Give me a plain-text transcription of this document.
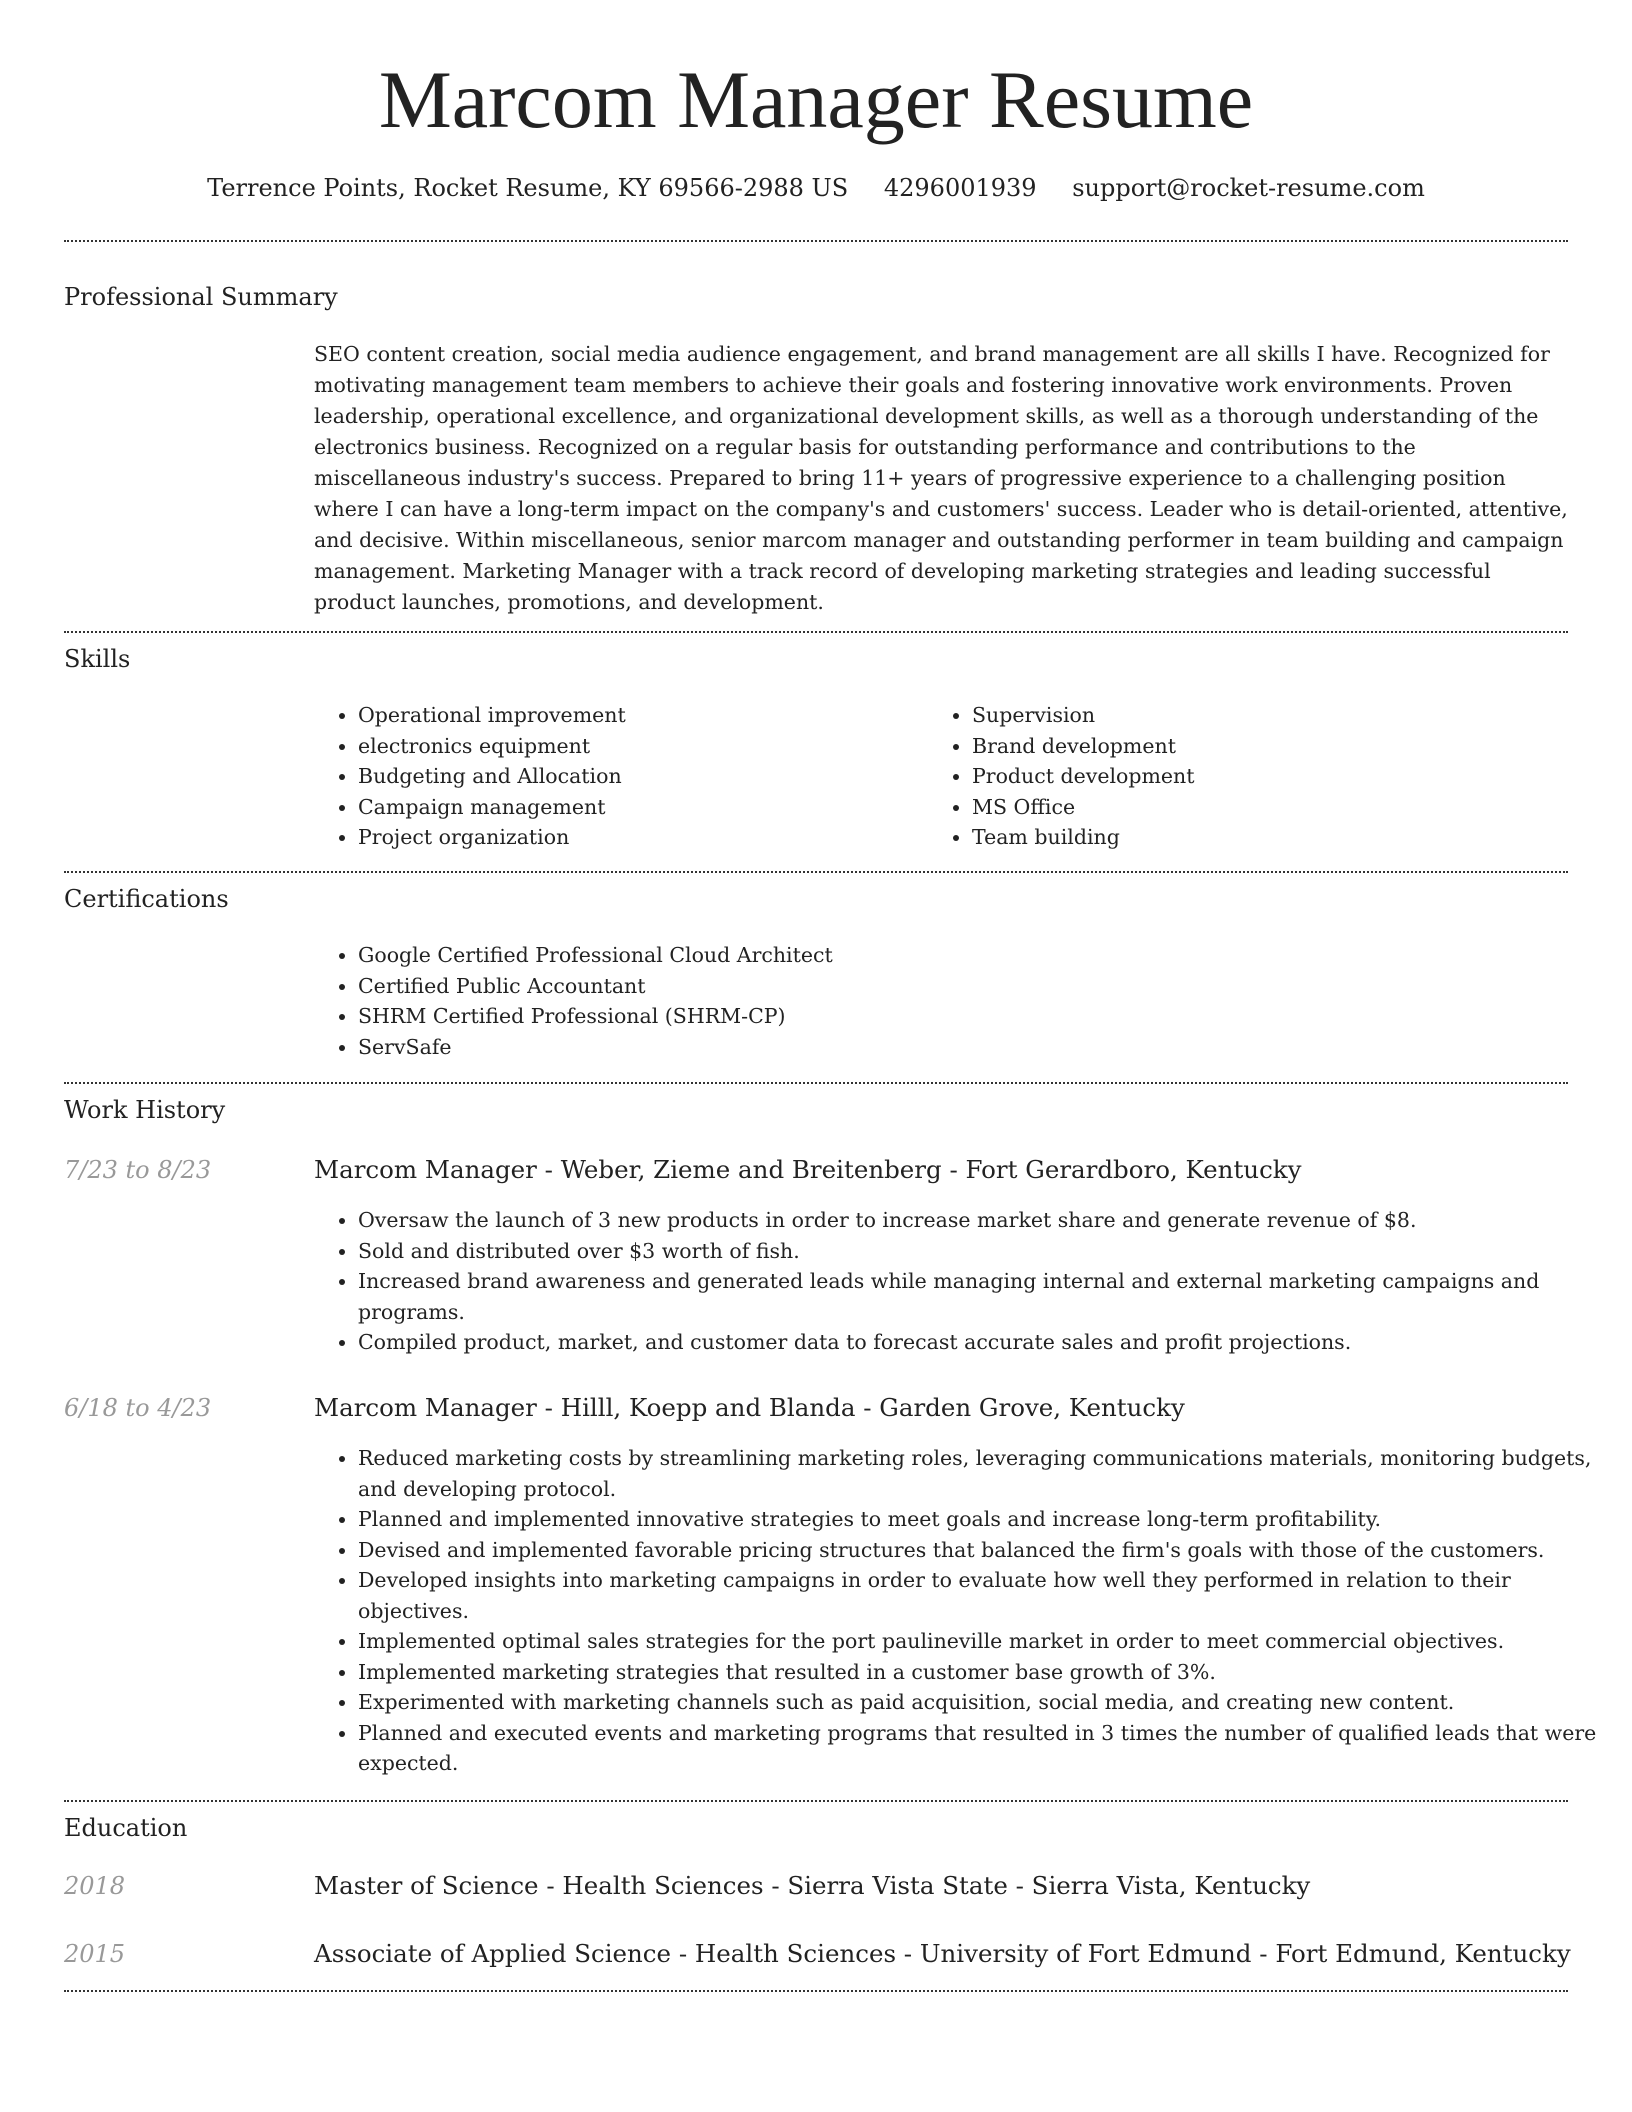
Marcom Manager Resume
Terrence Points, Rocket Resume, KY 69566-2988 US 4296001939 support@rocket-resume.com
Professional Summary

SEO content creation, social media audience engagement, and brand management are all skills I have. Recognized for motivating management team members to achieve their goals and fostering innovative work environments. Proven leadership, operational excellence, and organizational development skills, as well as a thorough understanding of the electronics business. Recognized on a regular basis for outstanding performance and contributions to the miscellaneous industry's success. Prepared to bring 11+ years of progressive experience to a challenging position where I can have a long-term impact on the company's and customers' success. Leader who is detail-oriented, attentive, and decisive. Within miscellaneous, senior marcom manager and outstanding performer in team building and campaign management. Marketing Manager with a track record of developing marketing strategies and leading successful product launches, promotions, and development.

Skills
• Operational improvement
• electronics equipment
• Budgeting and Allocation
• Campaign management
• Project organization
• Supervision
• Brand development
• Product development
• MS Office
• Team building
Certifications
• Google Certified Professional Cloud Architect
• Certified Public Accountant
• SHRM Certified Professional (SHRM-CP)
• ServSafe
Work History
7/23 to 8/23	Marcom Manager - Weber, Zieme and Breitenberg - Fort Gerardboro, Kentucky
• Oversaw the launch of 3 new products in order to increase market share and generate revenue of $8.
• Sold and distributed over $3 worth of fish.
• Increased brand awareness and generated leads while managing internal and external marketing campaigns and programs.
• Compiled product, market, and customer data to forecast accurate sales and profit projections.
6/18 to 4/23	Marcom Manager - Hilll, Koepp and Blanda - Garden Grove, Kentucky
• Reduced marketing costs by streamlining marketing roles, leveraging communications materials, monitoring budgets, and developing protocol.
• Planned and implemented innovative strategies to meet goals and increase long-term profitability.
• Devised and implemented favorable pricing structures that balanced the firm's goals with those of the customers.
• Developed insights into marketing campaigns in order to evaluate how well they performed in relation to their objectives.
• Implemented optimal sales strategies for the port paulineville market in order to meet commercial objectives.
• Implemented marketing strategies that resulted in a customer base growth of 3%.
• Experimented with marketing channels such as paid acquisition, social media, and creating new content.
• Planned and executed events and marketing programs that resulted in 3 times the number of qualified leads that were expected.
Education
2018	Master of Science - Health Sciences - Sierra Vista State - Sierra Vista, Kentucky
2015	Associate of Applied Science - Health Sciences - University of Fort Edmund - Fort Edmund, Kentucky
